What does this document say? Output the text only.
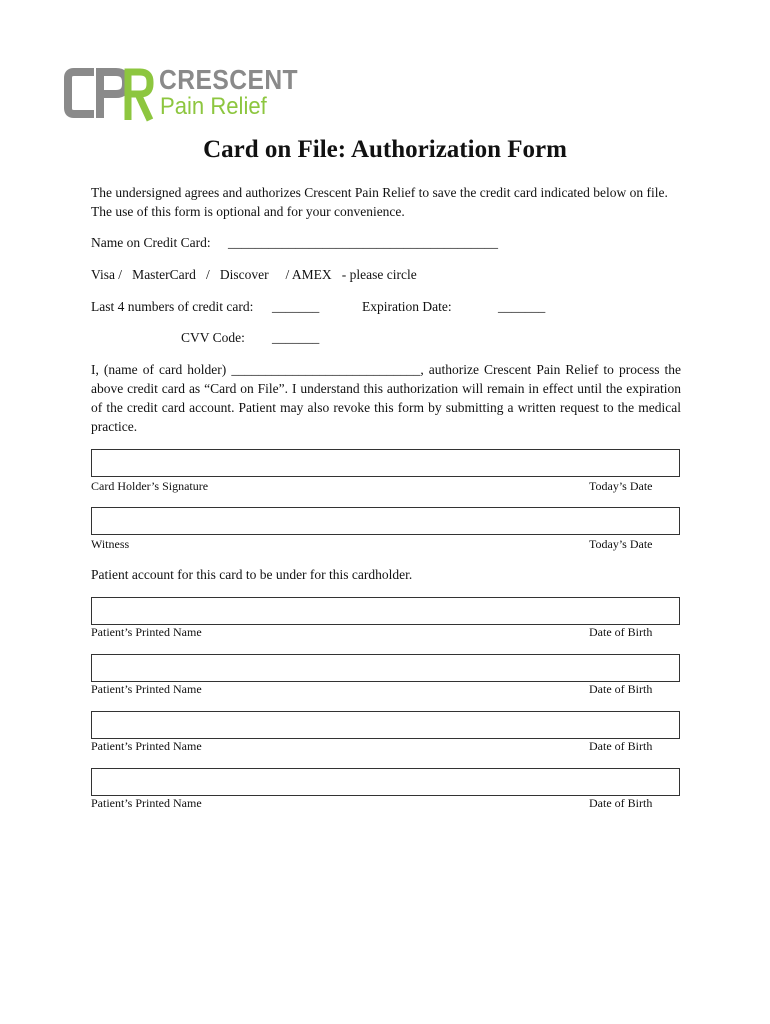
CRESCENT
Pain Relief
Card on File: Authorization Form
The undersigned agrees and authorizes Crescent Pain Relief to save the credit card indicated below on file. The use of this form is optional and for your convenience.
Name on Credit Card: ________________________________________
Visa /   MasterCard   /   Discover     / AMEX   - please circle
Last 4 numbers of credit card: _______	Expiration Date:	_______
CVV Code: _______
I, (name of card holder) ____________________________, authorize Crescent Pain Relief to process the above credit card as “Card on File”. I understand this authorization will remain in effect until the expiration of the credit card account. Patient may also revoke this form by submitting a written request to the medical practice.
Card Holder’s Signature	Today’s Date
Witness	Today’s Date
Patient account for this card to be under for this cardholder.
Patient’s Printed Name	Date of Birth
Patient’s Printed Name	Date of Birth
Patient’s Printed Name	Date of Birth
Patient’s Printed Name	Date of Birth
